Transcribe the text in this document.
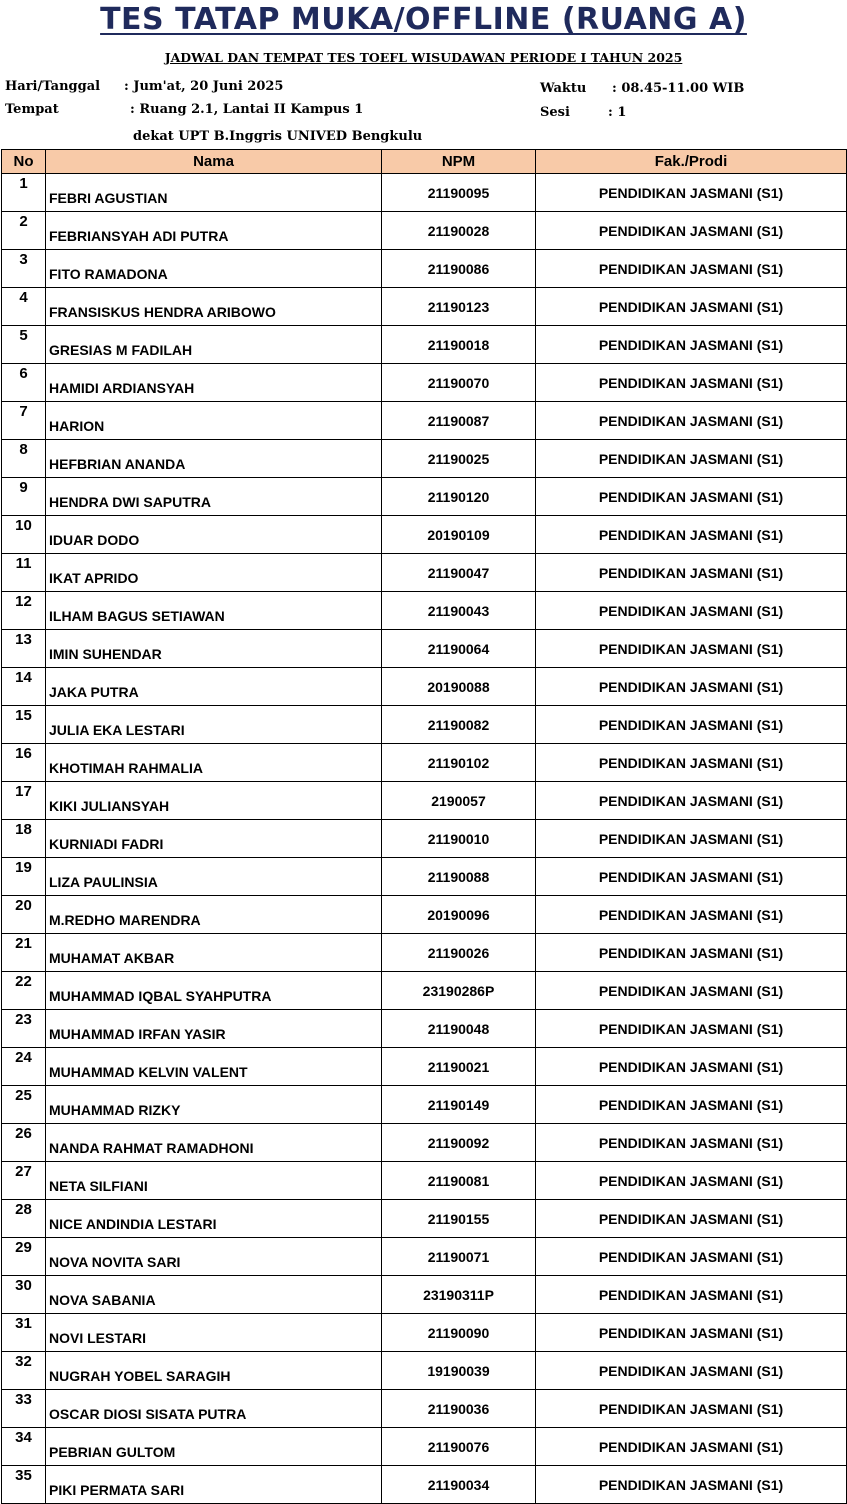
TES TATAP MUKA/OFFLINE (RUANG A)
JADWAL DAN TEMPAT TES TOEFL WISUDAWAN PERIODE I TAHUN 2025
Hari/Tanggal : Jum'at, 20 Juni 2025
Tempat	: Ruang 2.1, Lantai II Kampus 1
dekat UPT B.Inggris UNIVED Bengkulu
Waktu : 08.45-11.00 WIB
Sesi	: 1
No	Nama	NPM	Fak./Prodi
1	FEBRI AGUSTIAN	21190095	PENDIDIKAN JASMANI (S1)
2	FEBRIANSYAH ADI PUTRA	21190028	PENDIDIKAN JASMANI (S1)
3	FITO RAMADONA	21190086	PENDIDIKAN JASMANI (S1)
4	FRANSISKUS HENDRA ARIBOWO	21190123	PENDIDIKAN JASMANI (S1)
5	GRESIAS M FADILAH	21190018	PENDIDIKAN JASMANI (S1)
6	HAMIDI ARDIANSYAH	21190070	PENDIDIKAN JASMANI (S1)
7	HARION	21190087	PENDIDIKAN JASMANI (S1)
8	HEFBRIAN ANANDA	21190025	PENDIDIKAN JASMANI (S1)
9	HENDRA DWI SAPUTRA	21190120	PENDIDIKAN JASMANI (S1)
10	IDUAR DODO	20190109	PENDIDIKAN JASMANI (S1)
11	IKAT APRIDO	21190047	PENDIDIKAN JASMANI (S1)
12	ILHAM BAGUS SETIAWAN	21190043	PENDIDIKAN JASMANI (S1)
13	IMIN SUHENDAR	21190064	PENDIDIKAN JASMANI (S1)
14	JAKA PUTRA	20190088	PENDIDIKAN JASMANI (S1)
15	JULIA EKA LESTARI	21190082	PENDIDIKAN JASMANI (S1)
16	KHOTIMAH RAHMALIA	21190102	PENDIDIKAN JASMANI (S1)
17	KIKI JULIANSYAH	2190057	PENDIDIKAN JASMANI (S1)
18	KURNIADI FADRI	21190010	PENDIDIKAN JASMANI (S1)
19	LIZA PAULINSIA	21190088	PENDIDIKAN JASMANI (S1)
20	M.REDHO MARENDRA	20190096	PENDIDIKAN JASMANI (S1)
21	MUHAMAT AKBAR	21190026	PENDIDIKAN JASMANI (S1)
22	MUHAMMAD IQBAL SYAHPUTRA	23190286P	PENDIDIKAN JASMANI (S1)
23	MUHAMMAD IRFAN YASIR	21190048	PENDIDIKAN JASMANI (S1)
24	MUHAMMAD KELVIN VALENT	21190021	PENDIDIKAN JASMANI (S1)
25	MUHAMMAD RIZKY	21190149	PENDIDIKAN JASMANI (S1)
26	NANDA RAHMAT RAMADHONI	21190092	PENDIDIKAN JASMANI (S1)
27	NETA SILFIANI	21190081	PENDIDIKAN JASMANI (S1)
28	NICE ANDINDIA LESTARI	21190155	PENDIDIKAN JASMANI (S1)
29	NOVA NOVITA SARI	21190071	PENDIDIKAN JASMANI (S1)
30	NOVA SABANIA	23190311P	PENDIDIKAN JASMANI (S1)
31	NOVI LESTARI	21190090	PENDIDIKAN JASMANI (S1)
32	NUGRAH YOBEL SARAGIH	19190039	PENDIDIKAN JASMANI (S1)
33	OSCAR DIOSI SISATA PUTRA	21190036	PENDIDIKAN JASMANI (S1)
34	PEBRIAN GULTOM	21190076	PENDIDIKAN JASMANI (S1)
35	PIKI PERMATA SARI	21190034	PENDIDIKAN JASMANI (S1)
